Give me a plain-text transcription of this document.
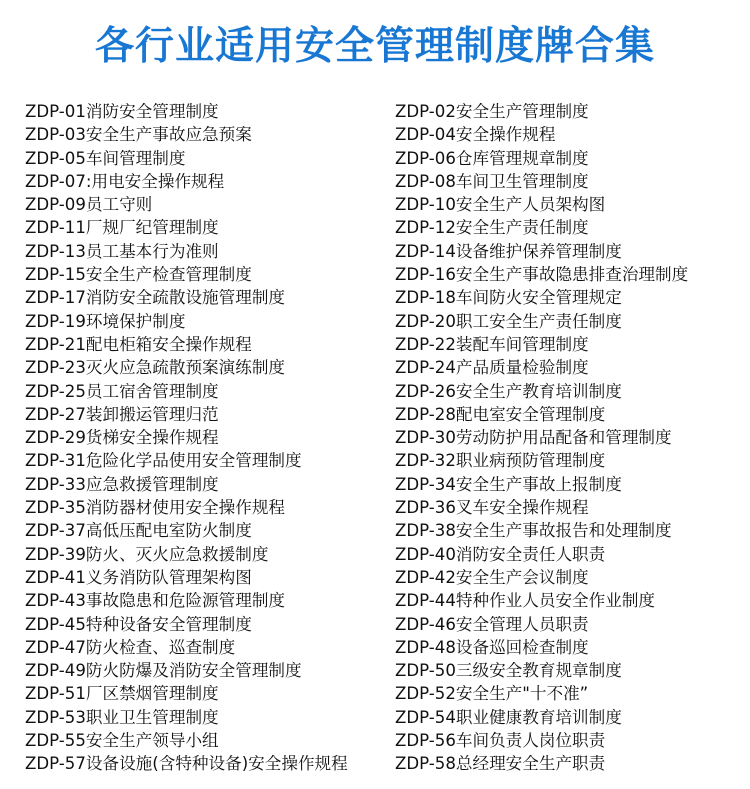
各行业适用安全管理制度牌合集
ZDP-01消防安全管理制度
ZDP-03安全生产事故应急预案
ZDP-05车间管理制度
ZDP-07:用电安全操作规程
ZDP-09员工守则
ZDP-11厂规厂纪管理制度
ZDP-13员工基本行为准则
ZDP-15安全生产检查管理制度
ZDP-17消防安全疏散设施管理制度
ZDP-19环境保护制度
ZDP-21配电柜箱安全操作规程
ZDP-23灭火应急疏散预案演练制度
ZDP-25员工宿舍管理制度
ZDP-27装卸搬运管理归范
ZDP-29货梯安全操作规程
ZDP-31危险化学品使用安全管理制度
ZDP-33应急救援管理制度
ZDP-35消防器材使用安全操作规程
ZDP-37高低压配电室防火制度
ZDP-39防火、灭火应急救援制度
ZDP-41义务消防队管理架构图
ZDP-43事故隐患和危险源管理制度
ZDP-45特种设备安全管理制度
ZDP-47防火检查、巡查制度
ZDP-49防火防爆及消防安全管理制度
ZDP-51厂区禁烟管理制度
ZDP-53职业卫生管理制度
ZDP-55安全生产领导小组
ZDP-57设备设施(含特种设备)安全操作规程
ZDP-02安全生产管理制度
ZDP-04安全操作规程
ZDP-06仓库管理规章制度
ZDP-08车间卫生管理制度
ZDP-10安全生产人员架构图
ZDP-12安全生产责任制度
ZDP-14设备维护保养管理制度
ZDP-16安全生产事故隐患排查治理制度
ZDP-18车间防火安全管理规定
ZDP-20职工安全生产责任制度
ZDP-22装配车间管理制度
ZDP-24产品质量检验制度
ZDP-26安全生产教育培训制度
ZDP-28配电室安全管理制度
ZDP-30劳动防护用品配备和管理制度
ZDP-32职业病预防管理制度
ZDP-34安全生产事故上报制度
ZDP-36叉车安全操作规程
ZDP-38安全生产事故报告和处理制度
ZDP-40消防安全责任人职责
ZDP-42安全生产会议制度
ZDP-44特种作业人员安全作业制度
ZDP-46安全管理人员职责
ZDP-48设备巡回检查制度
ZDP-50三级安全教育规章制度
ZDP-52安全生产"十不准”
ZDP-54职业健康教育培训制度
ZDP-56车间负责人岗位职责
ZDP-58总经理安全生产职责
